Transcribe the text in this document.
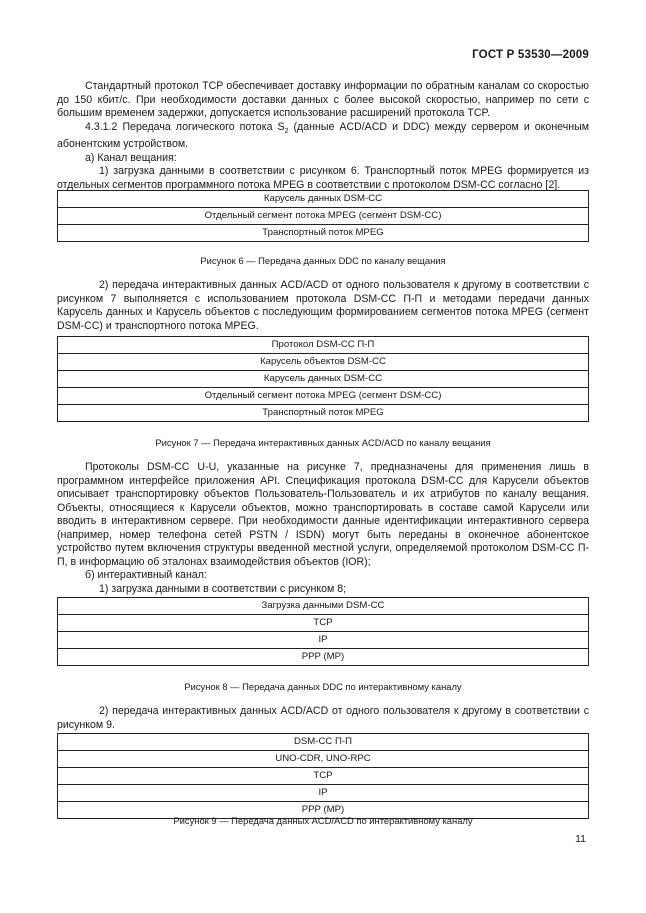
ГОСТ Р 53530—2009

Стандартный протокол TCP обеспечивает доставку информации по обратным каналам со скоростью до 150 кбит/с. При необходимости доставки данных с более высокой скоростью, например по сети с большим временем задержки, допускается использование расширений протокола TCP.

4.3.1.2 Передача логического потока $S_2$ (данные ACD/ACD и DDC) между сервером и оконечным абонентским устройством.

а) Канал вещания:

1) загрузка данными в соответствии с рисунком 6. Транспортный поток MPEG формируется из отдельных сегментов программного потока MPEG в соответствии с протоколом DSM-CC согласно [2].

Карусель данных DSM-CC
Отдельный сегмент потока MPEG (сегмент DSM-CC)
Транспортный поток MPEG
Рисунок 6 — Передача данных DDC по каналу вещания

2) передача интерактивных данных ACD/ACD от одного пользователя к другому в соответствии с рисунком 7 выполняется с использованием протокола DSM-CC П-П и методами передачи данных Карусель данных и Карусель объектов с последующим формированием сегментов потока MPEG (сегмент DSM-CC) и транспортного потока MPEG.

Протокол DSM-CC П-П
Карусель объектов DSM-CC
Карусель данных DSM-CC
Отдельный сегмент потока MPEG (сегмент DSM-CC)
Транспортный поток MPEG
Рисунок 7 — Передача интерактивных данных ACD/ACD по каналу вещания

Протоколы DSM-CC U-U, указанные на рисунке 7, предназначены для применения лишь в программном интерфейсе приложения API. Спецификация протокола DSM-CC для Карусели объектов описывает транспортировку объектов Пользователь-Пользователь и их атрибутов по каналу вещания. Объекты, относящиеся к Карусели объектов, можно транспортировать в составе самой Карусели или вводить в интерактивном сервере. При необходимости данные идентификации интерактивного сервера (например, номер телефона сетей PSTN / ISDN) могут быть переданы в оконечное абонентское устройство путем включения структуры введенной местной услуги, определяемой протоколом DSM-CC П-П, в информацию об эталонах взаимодействия объектов (IOR);

б) интерактивный канал:

1) загрузка данными в соответствии с рисунком 8;

Загрузка данными DSM-CC
TCP
IP
PPP (MP)
Рисунок 8 — Передача данных DDC по интерактивному каналу

2) передача интерактивных данных ACD/ACD от одного пользователя к другому в соответствии с рисунком 9.

DSM-CC П-П
UNO-CDR, UNO-RPC
TCP
IP
PPP (MP)
Рисунок 9 — Передача данных ACD/ACD по интерактивному каналу
11
